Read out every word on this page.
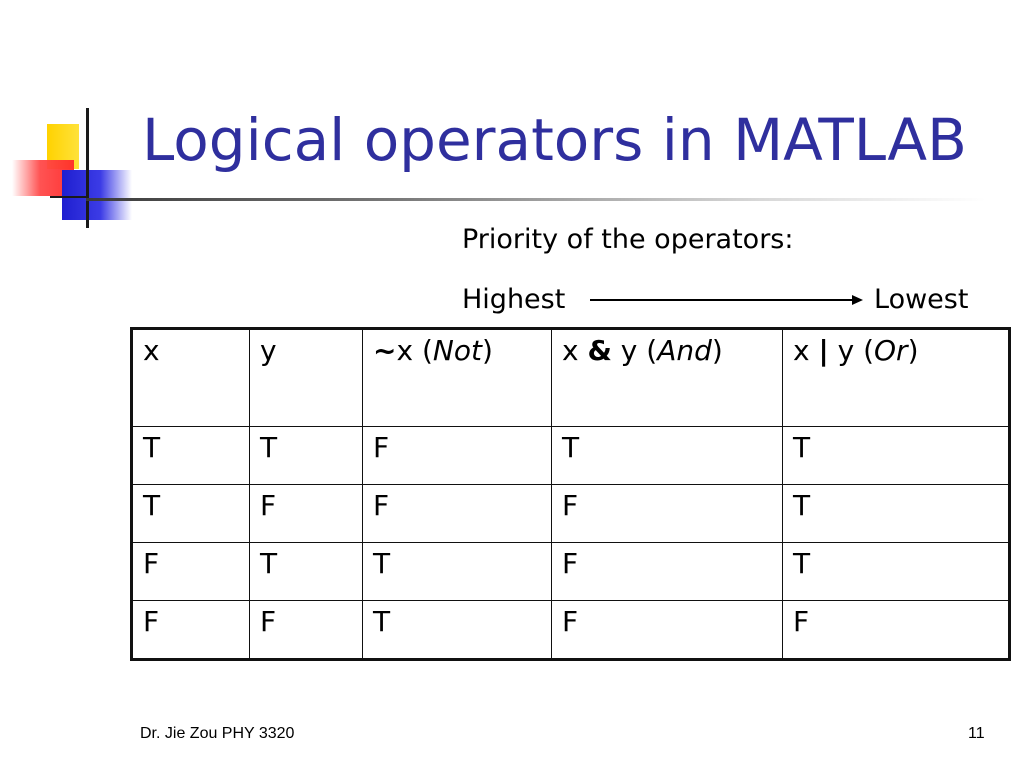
Logical operators in MATLAB
Priority of the operators:
Highest	Lowest
x	y	~x (Not)	x & y (And)	x | y (Or)
T	T	F	T	T
T	F	F	F	T
F	T	T	F	T
F	F	T	F	F
Dr. Jie Zou PHY 3320	11
